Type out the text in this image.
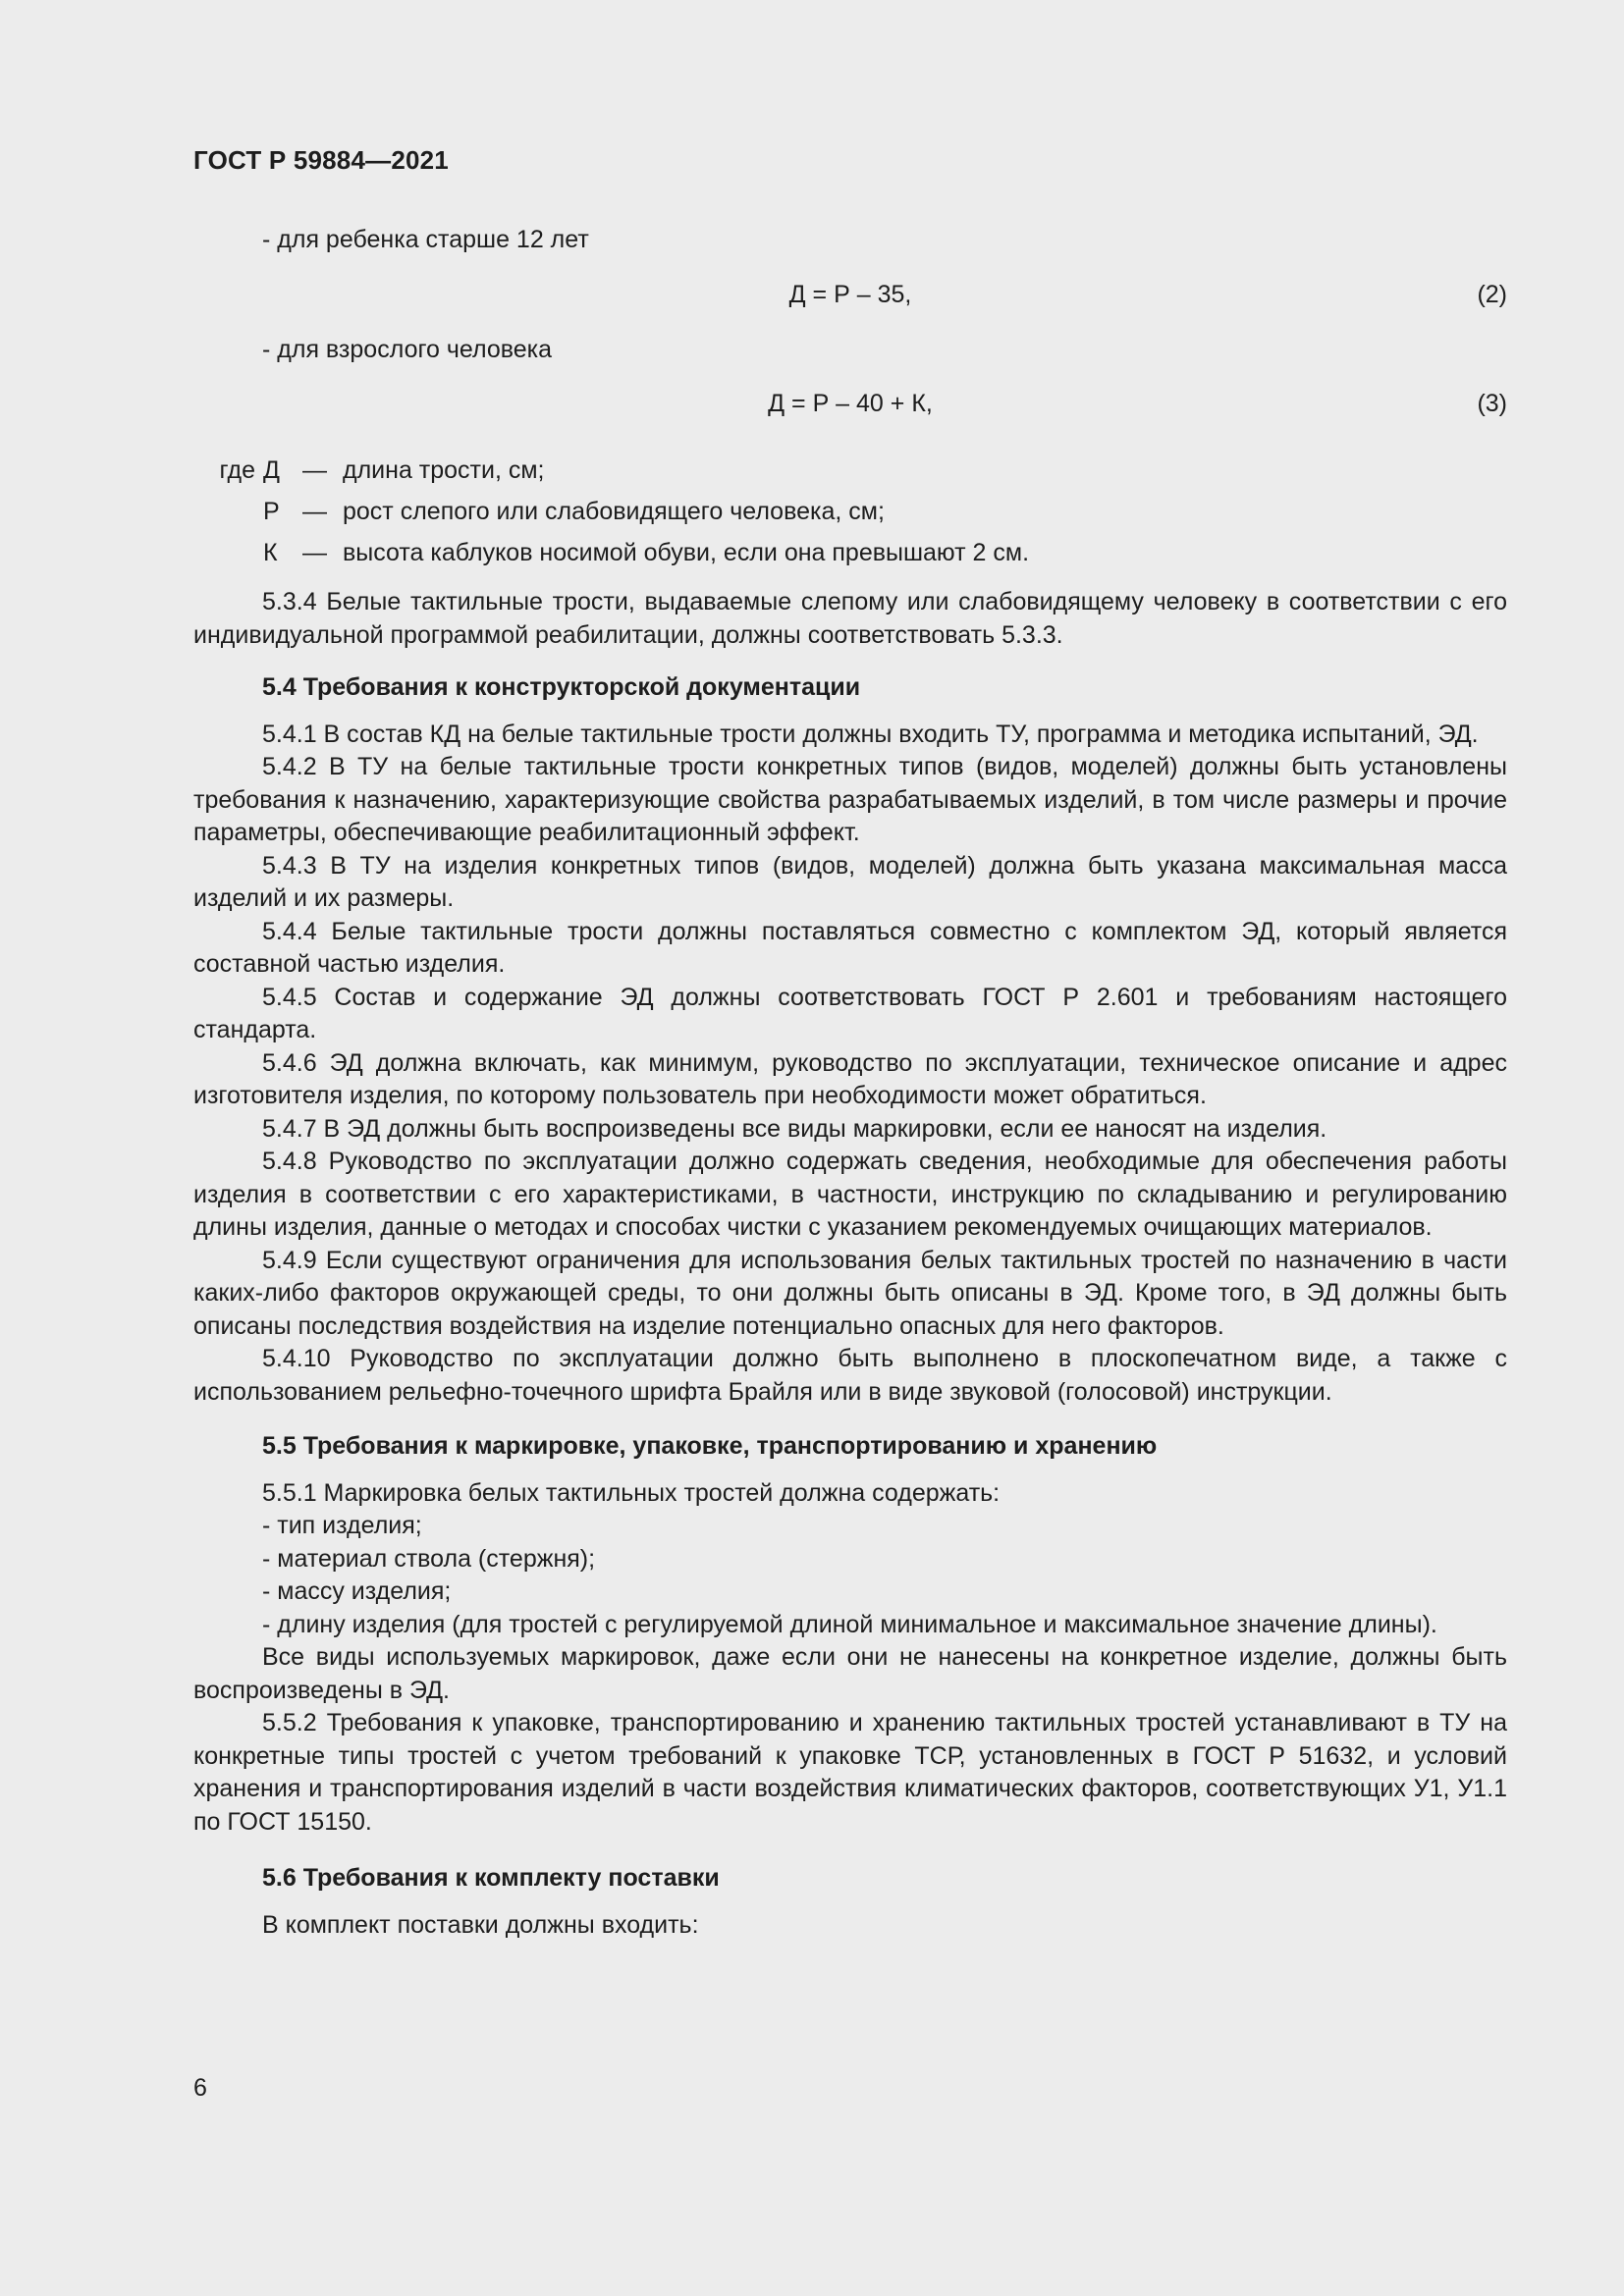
ГОСТ Р 59884—2021

- для ребенка старше 12 лет

Д = Р – 35,	(2)

- для взрослого человека

Д = Р – 40 + К,	(3)
где Д — длина трости, см;
Р — рост слепого или слабовидящего человека, см;
К	— высота каблуков носимой обуви, если она превышают 2 см.

5.3.4 Белые тактильные трости, выдаваемые слепому или слабовидящему человеку в соответствии с его индивидуальной программой реабилитации, должны соответствовать 5.3.3.

5.4 Требования к конструкторской документации

5.4.1 В состав КД на белые тактильные трости должны входить ТУ, программа и методика испытаний, ЭД.

5.4.2 В ТУ на белые тактильные трости конкретных типов (видов, моделей) должны быть установлены требования к назначению, характеризующие свойства разрабатываемых изделий, в том числе размеры и прочие параметры, обеспечивающие реабилитационный эффект.

5.4.3 В ТУ на изделия конкретных типов (видов, моделей) должна быть указана максимальная масса изделий и их размеры.

5.4.4 Белые тактильные трости должны поставляться совместно с комплектом ЭД, который является составной частью изделия.

5.4.5 Состав и содержание ЭД должны соответствовать ГОСТ Р 2.601 и требованиям настоящего стандарта.

5.4.6 ЭД должна включать, как минимум, руководство по эксплуатации, техническое описание и адрес изготовителя изделия, по которому пользователь при необходимости может обратиться.

5.4.7 В ЭД должны быть воспроизведены все виды маркировки, если ее наносят на изделия.

5.4.8 Руководство по эксплуатации должно содержать сведения, необходимые для обеспечения работы изделия в соответствии с его характеристиками, в частности, инструкцию по складыванию и регулированию длины изделия, данные о методах и способах чистки с указанием рекомендуемых очищающих материалов.

5.4.9 Если существуют ограничения для использования белых тактильных тростей по назначению в части каких-либо факторов окружающей среды, то они должны быть описаны в ЭД. Кроме того, в ЭД должны быть описаны последствия воздействия на изделие потенциально опасных для него факторов.

5.4.10 Руководство по эксплуатации должно быть выполнено в плоскопечатном виде, а также с использованием рельефно-точечного шрифта Брайля или в виде звуковой (голосовой) инструкции.

5.5 Требования к маркировке, упаковке, транспортированию и хранению

5.5.1 Маркировка белых тактильных тростей должна содержать:

- тип изделия;

- материал ствола (стержня);

- массу изделия;

- длину изделия (для тростей с регулируемой длиной минимальное и максимальное значение длины).

Все виды используемых маркировок, даже если они не нанесены на конкретное изделие, должны быть воспроизведены в ЭД.

5.5.2 Требования к упаковке, транспортированию и хранению тактильных тростей устанавливают в ТУ на конкретные типы тростей с учетом требований к упаковке ТСР, установленных в ГОСТ Р 51632, и условий хранения и транспортирования изделий в части воздействия климатических факторов, соответствующих У1, У1.1 по ГОСТ 15150.

5.6 Требования к комплекту поставки

В комплект поставки должны входить:

6
